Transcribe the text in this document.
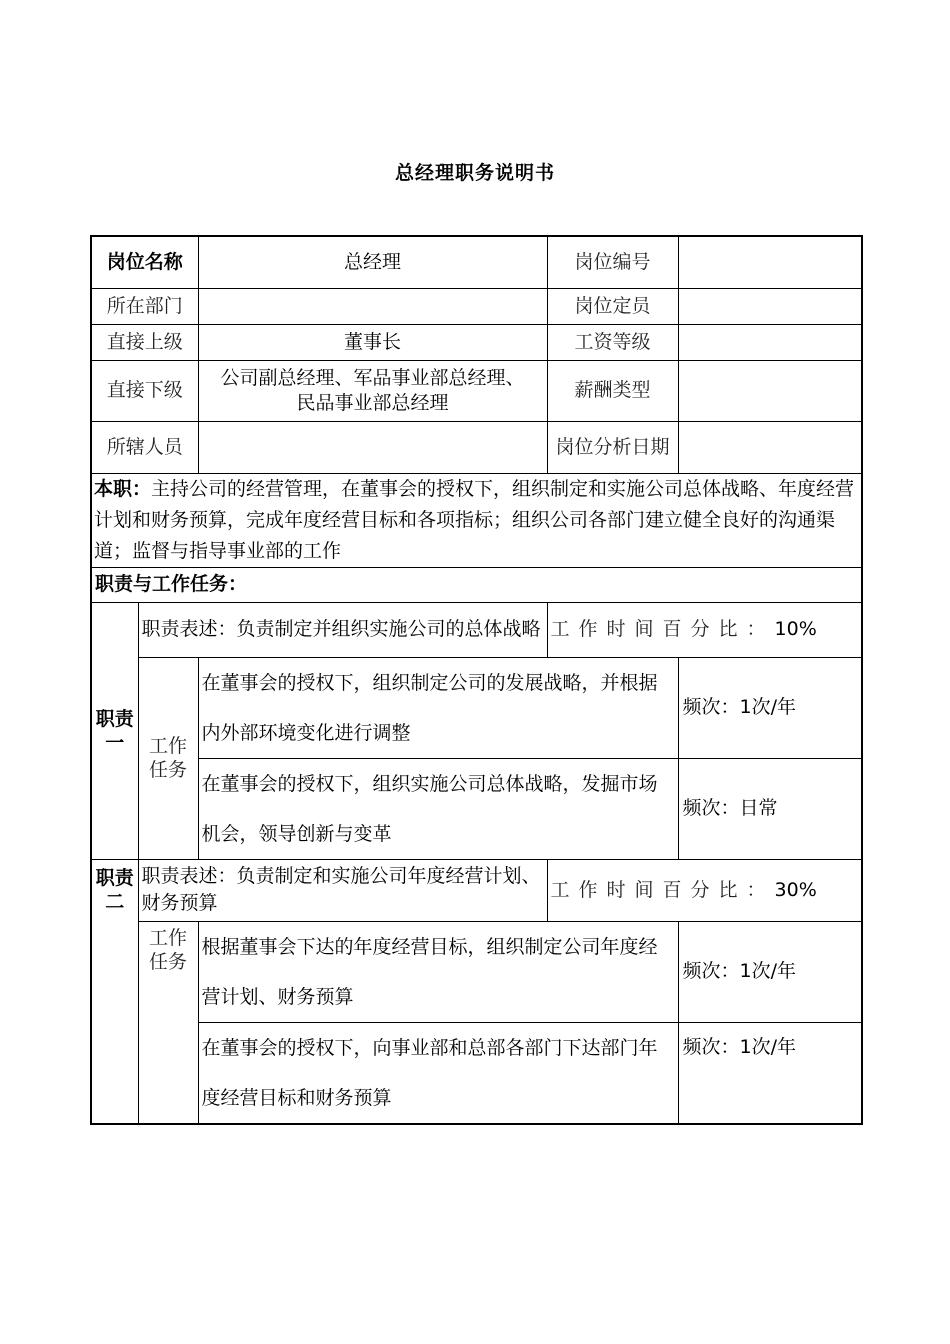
总经理职务说明书
岗位名称		总经理	岗位编号	
所在部门			岗位定员	
直接上级		董事长	工资等级	
直接下级		公司副总经理、军品事业部总经理、民品事业部总经理	薪酬类型	
所辖人员			岗位分析日期	
本职：主持公司的经营管理，在董事会的授权下，组织制定和实施公司总体战略、年度经营计划和财务预算，完成年度经营目标和各项指标；组织公司各部门建立健全良好的沟通渠道；监督与指导事业部的工作				
职责与工作任务：				
职责一	职责表述：负责制定并组织实施公司的总体战略		工作时间百分比：10%	
	工作任务	在董事会的授权下，组织制定公司的发展战略，并根据内外部环境变化进行调整		频次：1次/年
		在董事会的授权下，组织实施公司总体战略，发掘市场机会，领导创新与变革		频次：日常
职责二	职责表述：负责制定和实施公司年度经营计划、财务预算		工作时间百分比：30%	
	工作任务	根据董事会下达的年度经营目标，组织制定公司年度经营计划、财务预算		频次：1次/年
		在董事会的授权下，向事业部和总部各部门下达部门年度经营目标和财务预算		频次：1次/年
